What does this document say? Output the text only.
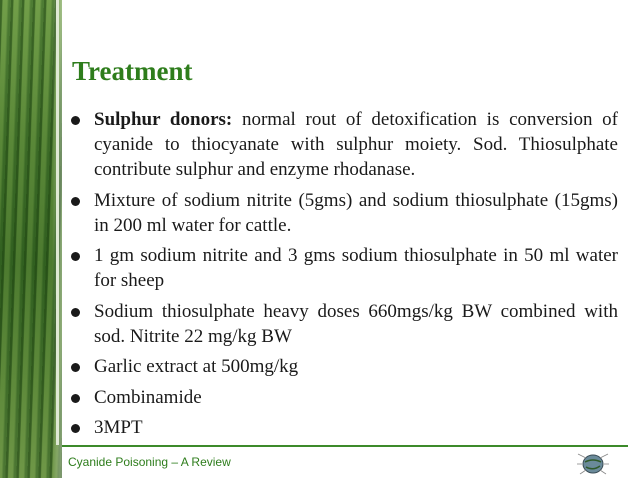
Treatment
Sulphur donors: normal rout of detoxification is conversion of cyanide to thiocyanate with sulphur moiety. Sod. Thiosulphate contribute sulphur and enzyme rhodanase.
Mixture of sodium nitrite (5gms) and sodium thiosulphate (15gms) in 200 ml water for cattle.
1 gm sodium nitrite and 3 gms sodium thiosulphate in 50 ml water for sheep
Sodium thiosulphate heavy doses 660mgs/kg BW combined with sod. Nitrite 22 mg/kg BW
Garlic extract at 500mg/kg
Combinamide
3MPT
Cyanide Poisoning – A Review
